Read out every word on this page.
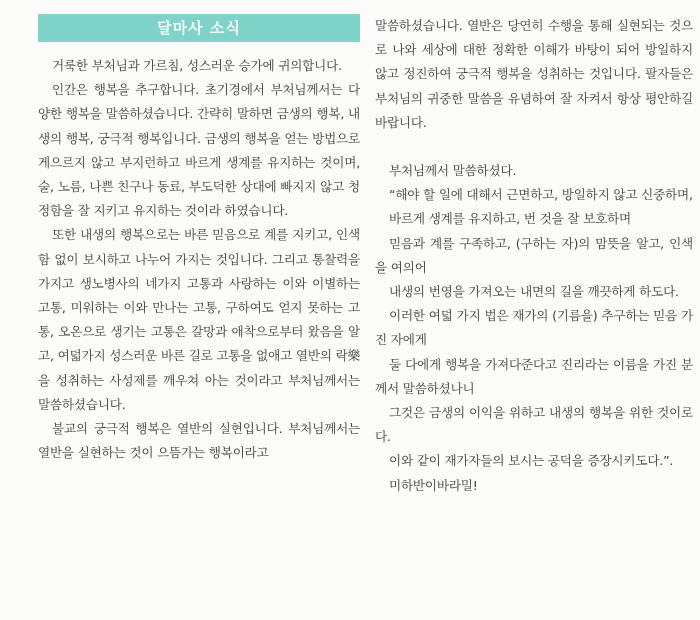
달마사 소식

거룩한 부처님과 가르침, 성스러운 승가에 귀의합니다.

인간은 행복을 추구합니다. 초기경에서 부처님께서는 다양한 행복을 말씀하셨습니다. 간략히 말하면 금생의 행복, 내생의 행복, 궁극적 행복입니다. 금생의 행복을 얻는 방법으로 게으르지 않고 부지런하고 바르게 생계를 유지하는 것이며, 술, 노름, 나쁜 친구나 동료, 부도덕한 상대에 빠지지 않고 청정함을 잘 지키고 유지하는 것이라 하였습니다.

또한 내생의 행복으로는 바른 믿음으로 계를 지키고, 인색함 없이 보시하고 나누어 가지는 것입니다. 그리고 통찰력을 가지고 생노병사의 네가지 고통과 사랑하는 이와 이별하는 고통, 미워하는 이와 만나는 고통, 구하여도 얻지 못하는 고통, 오온으로 생기는 고통은 갈망과 애착으로부터 왔음을 알고, 여덟가지 성스러운 바른 길로 고통을 없애고 열반의 락樂을 성취하는 사성제를 깨우쳐 아는 것이라고 부처님께서는 말씀하셨습니다.

불교의 궁극적 행복은 열반의 실현입니다. 부처님께서는 열반을 실현하는 것이 으뜸가는 행복이라고

말씀하셨습니다. 열반은 당연히 수행을 통해 실현되는 것으로 나와 세상에 대한 정확한 이해가 바탕이 되어 방일하지 않고 정진하여 궁극적 행복을 성취하는 것입니다. 팔자들은 부처님의 귀중한 말씀을 유념하여 잘 자켜서 항상 평안하길 바랍니다.

부처님께서 말씀하셨다.

“해야 할 일에 대해서 근면하고, 방일하지 않고 신중하며,

바르게 생계를 유지하고, 번 것을 잘 보호하며

믿음과 계를 구족하고, (구하는 자)의 맘뜻을 알고, 인색을 여의어

내생의 번영을 가져오는 내면의 길을 깨끗하게 하도다.

이러한 여덟 가지 법은 재가의 (기름을) 추구하는 믿음 가진 자에게

둘 다에게 행복을 가져다준다고 진리라는 이름을 가진 분께서 말씀하셨나니

그것은 금생의 이익을 위하고 내생의 행복을 위한 것이로다.

이와 같이 재가자들의 보시는 공덕을 증장시키도다.”.

미하반이바라밀!
